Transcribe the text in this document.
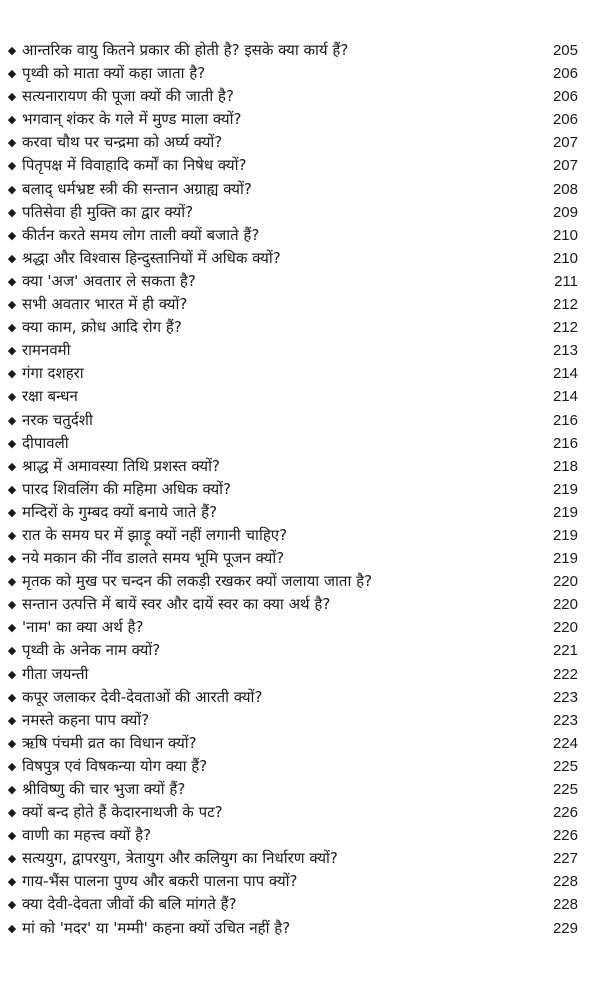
◆ आन्तरिक वायु कितने प्रकार की होती है? इसके क्या कार्य हैं?	205
◆ पृथ्वी को माता क्यों कहा जाता है?	206
◆ सत्यनारायण की पूजा क्यों की जाती है?	206
◆ भगवान् शंकर के गले में मुण्ड माला क्यों?	206
◆ करवा चौथ पर चन्द्रमा को अर्घ्य क्यों?	207
◆ पितृपक्ष में विवाहादि कर्मों का निषेध क्यों?	207
◆ बलाद् धर्मभ्रष्ट स्त्री की सन्तान अग्राह्य क्यों?	208
◆ पतिसेवा ही मुक्ति का द्वार क्यों?	209
◆ कीर्तन करते समय लोग ताली क्यों बजाते हैं?	210
◆ श्रद्धा और विश्वास हिन्दुस्तानियों में अधिक क्यों?	210
◆ क्या 'अज' अवतार ले सकता है?	211
◆ सभी अवतार भारत में ही क्यों?	212
◆ क्या काम, क्रोध आदि रोग हैं?	212
◆ रामनवमी	213
◆ गंगा दशहरा	214
◆ रक्षा बन्धन	214
◆ नरक चतुर्दशी	216
◆ दीपावली	216
◆ श्राद्ध में अमावस्या तिथि प्रशस्त क्यों?	218
◆ पारद शिवलिंग की महिमा अधिक क्यों?	219
◆ मन्दिरों के गुम्बद क्यों बनाये जाते हैं?	219
◆ रात के समय घर में झाड़ू क्यों नहीं लगानी चाहिए?	219
◆ नये मकान की नींव डालते समय भूमि पूजन क्यों?	219
◆ मृतक को मुख पर चन्दन की लकड़ी रखकर क्यों जलाया जाता है?	220
◆ सन्तान उत्पत्ति में बायें स्वर और दायें स्वर का क्या अर्थ है?	220
◆ 'नाम' का क्या अर्थ है?	220
◆ पृथ्वी के अनेक नाम क्यों?	221
◆ गीता जयन्ती	222
◆ कपूर जलाकर देवी-देवताओं की आरती क्यों?	223
◆ नमस्ते कहना पाप क्यों?	223
◆ ऋषि पंचमी व्रत का विधान क्यों?	224
◆ विषपुत्र एवं विषकन्या योग क्या हैं?	225
◆ श्रीविष्णु की चार भुजा क्यों हैं?	225
◆ क्यों बन्द होते हैं केदारनाथजी के पट?	226
◆ वाणी का महत्त्व क्यों है?	226
◆ सत्ययुग, द्वापरयुग, त्रेतायुग और कलियुग का निर्धारण क्यों?	227
◆ गाय-भैंस पालना पुण्य और बकरी पालना पाप क्यों?	228
◆ क्या देवी-देवता जीवों की बलि मांगते हैं?	228
◆ मां को 'मदर' या 'मम्मी' कहना क्यों उचित नहीं है?	229
